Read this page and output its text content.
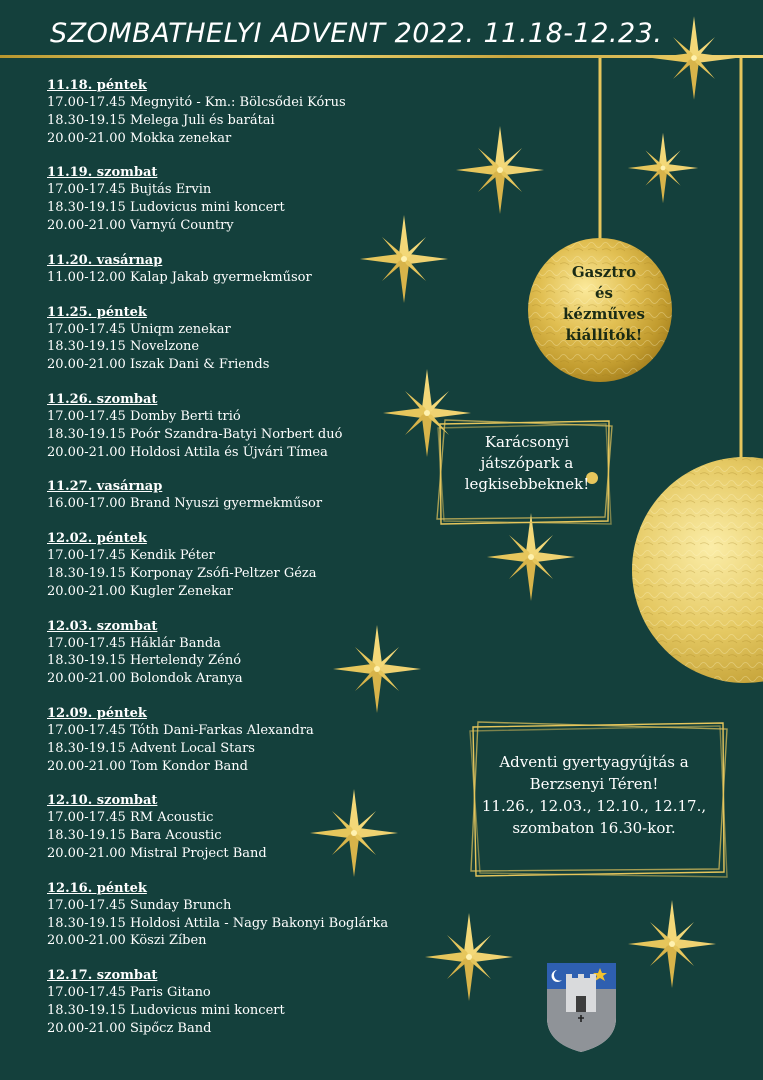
SZOMBATHELYI ADVENT 2022. 11.18-12.23.
11.18. péntek
17.00-17.45 Megnyitó - Km.: Bölcsődei Kórus
18.30-19.15 Melega Juli és barátai
20.00-21.00 Mokka zenekar
11.19. szombat
17.00-17.45 Bujtás Ervin
18.30-19.15 Ludovicus mini koncert
20.00-21.00 Varnyú Country
11.20. vasárnap
11.00-12.00 Kalap Jakab gyermekműsor
11.25. péntek
17.00-17.45 Uniqm zenekar
18.30-19.15 Novelzone
20.00-21.00 Iszak Dani & Friends
11.26. szombat
17.00-17.45 Domby Berti trió
18.30-19.15 Poór Szandra-Batyi Norbert duó
20.00-21.00 Holdosi Attila és Újvári Tímea
11.27. vasárnap
16.00-17.00 Brand Nyuszi gyermekműsor
12.02. péntek
17.00-17.45 Kendik Péter
18.30-19.15 Korponay Zsófi-Peltzer Géza
20.00-21.00 Kugler Zenekar
12.03. szombat
17.00-17.45 Háklár Banda
18.30-19.15 Hertelendy Zénó
20.00-21.00 Bolondok Aranya
12.09. péntek
17.00-17.45 Tóth Dani-Farkas Alexandra
18.30-19.15 Advent Local Stars
20.00-21.00 Tom Kondor Band
12.10. szombat
17.00-17.45 RM Acoustic
18.30-19.15 Bara Acoustic
20.00-21.00 Mistral Project Band
12.16. péntek
17.00-17.45 Sunday Brunch
18.30-19.15 Holdosi Attila - Nagy Bakonyi Boglárka
20.00-21.00 Köszi Zíben
12.17. szombat
17.00-17.45 Paris Gitano
18.30-19.15 Ludovicus mini koncert
20.00-21.00 Sipőcz Band
Gasztro
és
kézműves
kiállítók!
Karácsonyi
játszópark a
legkisebbeknek!
Adventi gyertyagyújtás a
Berzsenyi Téren!
11.26., 12.03., 12.10., 12.17.,
szombaton 16.30-kor.
